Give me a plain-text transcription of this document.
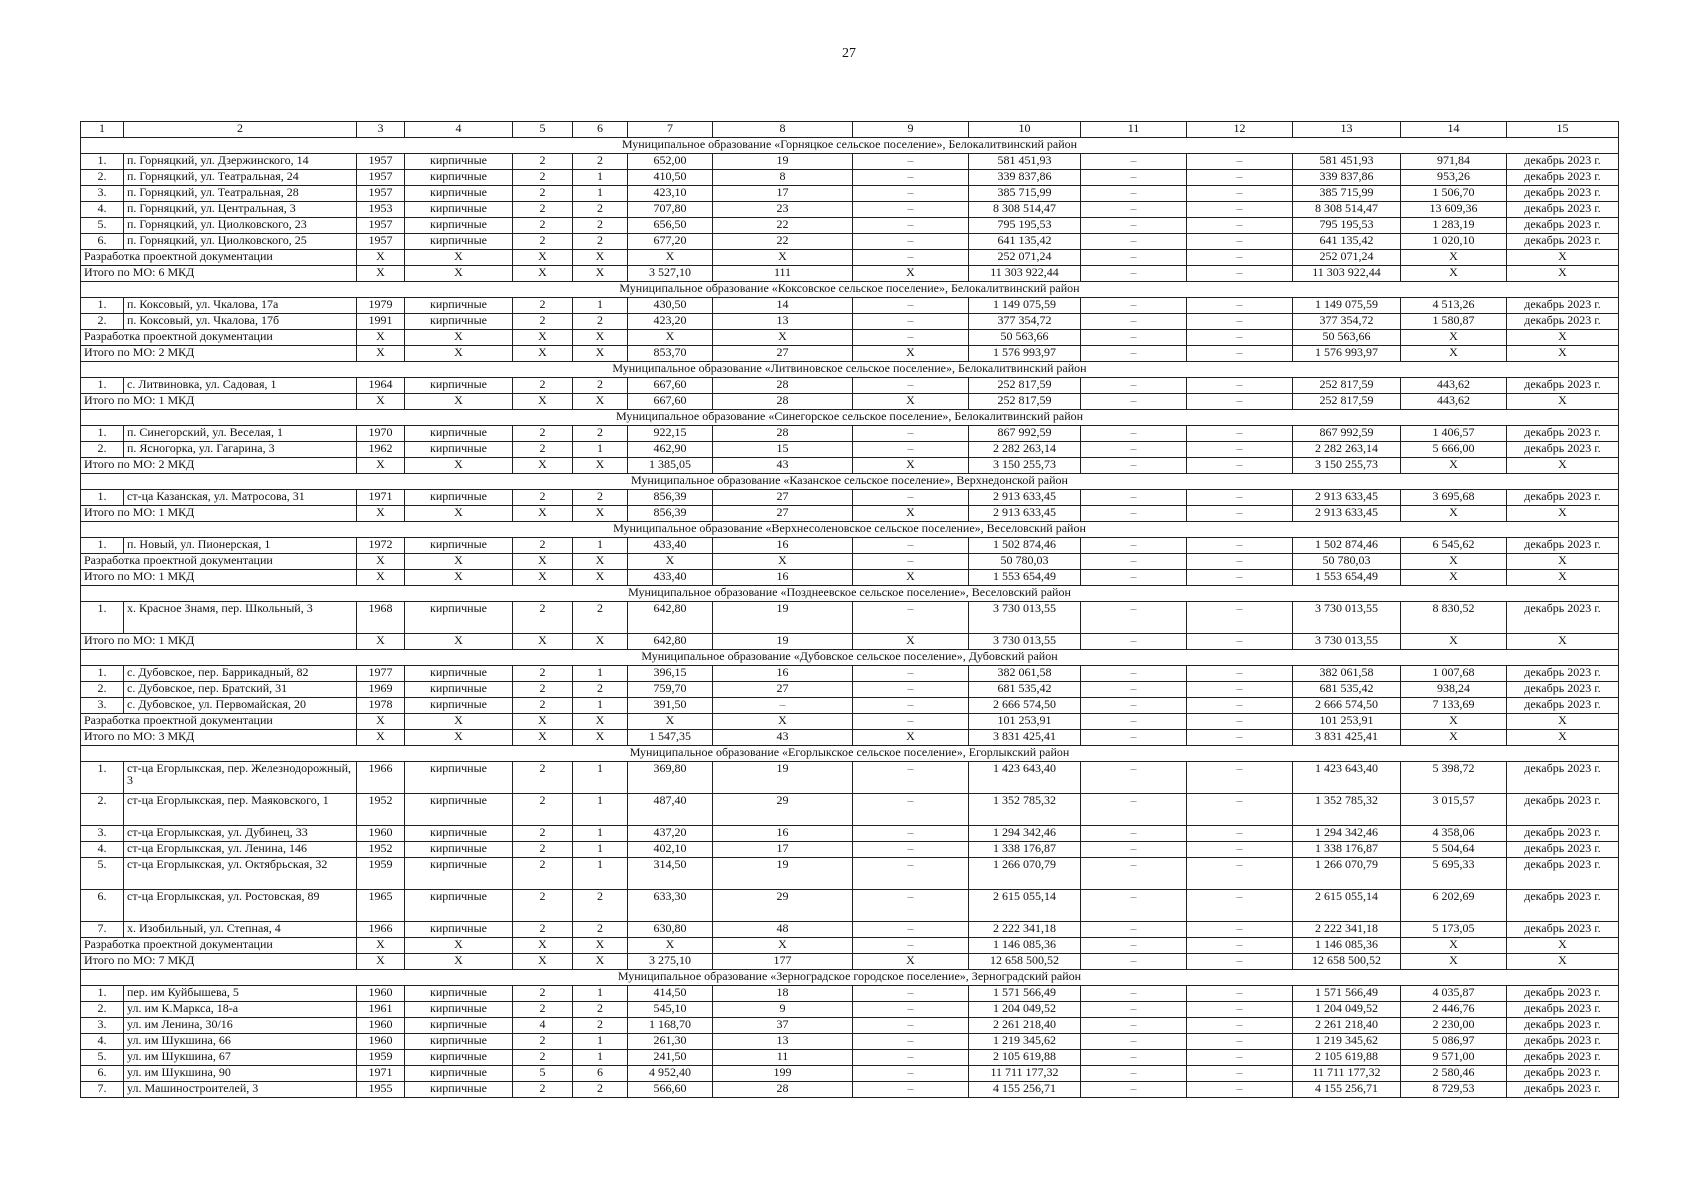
27
1	2	3	4	5	6	7	8	9	10	11	12	13	14	15
Муниципальное образование «Горняцкое сельское поселение», Белокалитвинский район														
1.	п. Горняцкий, ул. Дзержинского, 14	1957	кирпичные	2	2	652,00	19	–	581 451,93	–	–	581 451,93	971,84	декабрь 2023 г.
2.	п. Горняцкий, ул. Театральная, 24	1957	кирпичные	2	1	410,50	8	–	339 837,86	–	–	339 837,86	953,26	декабрь 2023 г.
3.	п. Горняцкий, ул. Театральная, 28	1957	кирпичные	2	1	423,10	17	–	385 715,99	–	–	385 715,99	1 506,70	декабрь 2023 г.
4.	п. Горняцкий, ул. Центральная, 3	1953	кирпичные	2	2	707,80	23	–	8 308 514,47	–	–	8 308 514,47	13 609,36	декабрь 2023 г.
5.	п. Горняцкий, ул. Циолковского, 23	1957	кирпичные	2	2	656,50	22	–	795 195,53	–	–	795 195,53	1 283,19	декабрь 2023 г.
6.	п. Горняцкий, ул. Циолковского, 25	1957	кирпичные	2	2	677,20	22	–	641 135,42	–	–	641 135,42	1 020,10	декабрь 2023 г.
Разработка проектной документации		X	X	X	X	X	X	–	252 071,24	–	–	252 071,24	X	X
Итого по МО: 6 МКД		X	X	X	X	3 527,10	111	X	11 303 922,44	–	–	11 303 922,44	X	X
Муниципальное образование «Коксовское сельское поселение», Белокалитвинский район														
1.	п. Коксовый, ул. Чкалова, 17а	1979	кирпичные	2	1	430,50	14	–	1 149 075,59	–	–	1 149 075,59	4 513,26	декабрь 2023 г.
2.	п. Коксовый, ул. Чкалова, 17б	1991	кирпичные	2	2	423,20	13	–	377 354,72	–	–	377 354,72	1 580,87	декабрь 2023 г.
Разработка проектной документации		X	X	X	X	X	X	–	50 563,66	–	–	50 563,66	X	X
Итого по МО: 2 МКД		X	X	X	X	853,70	27	X	1 576 993,97	–	–	1 576 993,97	X	X
Муниципальное образование «Литвиновское сельское поселение», Белокалитвинский район														
1.	с. Литвиновка, ул. Садовая, 1	1964	кирпичные	2	2	667,60	28	–	252 817,59	–	–	252 817,59	443,62	декабрь 2023 г.
Итого по МО: 1 МКД		X	X	X	X	667,60	28	X	252 817,59	–	–	252 817,59	443,62	X
Муниципальное образование «Синегорское сельское поселение», Белокалитвинский район														
1.	п. Синегорский, ул. Веселая, 1	1970	кирпичные	2	2	922,15	28	–	867 992,59	–	–	867 992,59	1 406,57	декабрь 2023 г.
2.	п. Ясногорка, ул. Гагарина, 3	1962	кирпичные	2	1	462,90	15	–	2 282 263,14	–	–	2 282 263,14	5 666,00	декабрь 2023 г.
Итого по МО: 2 МКД		X	X	X	X	1 385,05	43	X	3 150 255,73	–	–	3 150 255,73	X	X
Муниципальное образование «Казанское сельское поселение», Верхнедонской район														
1.	ст-ца Казанская, ул. Матросова, 31	1971	кирпичные	2	2	856,39	27	–	2 913 633,45	–	–	2 913 633,45	3 695,68	декабрь 2023 г.
Итого по МО: 1 МКД		X	X	X	X	856,39	27	X	2 913 633,45	–	–	2 913 633,45	X	X
Муниципальное образование «Верхнесоленовское сельское поселение», Веселовский район														
1.	п. Новый, ул. Пионерская, 1	1972	кирпичные	2	1	433,40	16	–	1 502 874,46	–	–	1 502 874,46	6 545,62	декабрь 2023 г.
Разработка проектной документации		X	X	X	X	X	X	–	50 780,03	–	–	50 780,03	X	X
Итого по МО: 1 МКД		X	X	X	X	433,40	16	X	1 553 654,49	–	–	1 553 654,49	X	X
Муниципальное образование «Позднеевское сельское поселение», Веселовский район														
1.	х. Красное Знамя, пер. Школьный, 3	1968	кирпичные	2	2	642,80	19	–	3 730 013,55	–	–	3 730 013,55	8 830,52	декабрь 2023 г.
Итого по МО: 1 МКД		X	X	X	X	642,80	19	X	3 730 013,55	–	–	3 730 013,55	X	X
Муниципальное образование «Дубовское сельское поселение», Дубовский район														
1.	с. Дубовское, пер. Баррикадный, 82	1977	кирпичные	2	1	396,15	16	–	382 061,58	–	–	382 061,58	1 007,68	декабрь 2023 г.
2.	с. Дубовское, пер. Братский, 31	1969	кирпичные	2	2	759,70	27	–	681 535,42	–	–	681 535,42	938,24	декабрь 2023 г.
3.	с. Дубовское, ул. Первомайская, 20	1978	кирпичные	2	1	391,50	–	–	2 666 574,50	–	–	2 666 574,50	7 133,69	декабрь 2023 г.
Разработка проектной документации		X	X	X	X	X	X	–	101 253,91	–	–	101 253,91	X	X
Итого по МО: 3 МКД		X	X	X	X	1 547,35	43	X	3 831 425,41	–	–	3 831 425,41	X	X
Муниципальное образование «Егорлыкское сельское поселение», Егорлыкский район														
1.	ст-ца Егорлыкская, пер. Железнодорожный, 3	1966	кирпичные	2	1	369,80	19	–	1 423 643,40	–	–	1 423 643,40	5 398,72	декабрь 2023 г.
2.	ст-ца Егорлыкская, пер. Маяковского, 1	1952	кирпичные	2	1	487,40	29	–	1 352 785,32	–	–	1 352 785,32	3 015,57	декабрь 2023 г.
3.	ст-ца Егорлыкская, ул. Дубинец, 33	1960	кирпичные	2	1	437,20	16	–	1 294 342,46	–	–	1 294 342,46	4 358,06	декабрь 2023 г.
4.	ст-ца Егорлыкская, ул. Ленина, 146	1952	кирпичные	2	1	402,10	17	–	1 338 176,87	–	–	1 338 176,87	5 504,64	декабрь 2023 г.
5.	ст-ца Егорлыкская, ул. Октябрьская, 32	1959	кирпичные	2	1	314,50	19	–	1 266 070,79	–	–	1 266 070,79	5 695,33	декабрь 2023 г.
6.	ст-ца Егорлыкская, ул. Ростовская, 89	1965	кирпичные	2	2	633,30	29	–	2 615 055,14	–	–	2 615 055,14	6 202,69	декабрь 2023 г.
7.	х. Изобильный, ул. Степная, 4	1966	кирпичные	2	2	630,80	48	–	2 222 341,18	–	–	2 222 341,18	5 173,05	декабрь 2023 г.
Разработка проектной документации		X	X	X	X	X	X	–	1 146 085,36	–	–	1 146 085,36	X	X
Итого по МО: 7 МКД		X	X	X	X	3 275,10	177	X	12 658 500,52	–	–	12 658 500,52	X	X
Муниципальное образование «Зерноградское городское поселение», Зерноградский район														
1.	пер. им Куйбышева, 5	1960	кирпичные	2	1	414,50	18	–	1 571 566,49	–	–	1 571 566,49	4 035,87	декабрь 2023 г.
2.	ул. им К.Маркса, 18-а	1961	кирпичные	2	2	545,10	9	–	1 204 049,52	–	–	1 204 049,52	2 446,76	декабрь 2023 г.
3.	ул. им Ленина, 30/16	1960	кирпичные	4	2	1 168,70	37	–	2 261 218,40	–	–	2 261 218,40	2 230,00	декабрь 2023 г.
4.	ул. им Шукшина, 66	1960	кирпичные	2	1	261,30	13	–	1 219 345,62	–	–	1 219 345,62	5 086,97	декабрь 2023 г.
5.	ул. им Шукшина, 67	1959	кирпичные	2	1	241,50	11	–	2 105 619,88	–	–	2 105 619,88	9 571,00	декабрь 2023 г.
6.	ул. им Шукшина, 90	1971	кирпичные	5	6	4 952,40	199	–	11 711 177,32	–	–	11 711 177,32	2 580,46	декабрь 2023 г.
7.	ул. Машиностроителей, 3	1955	кирпичные	2	2	566,60	28	–	4 155 256,71	–	–	4 155 256,71	8 729,53	декабрь 2023 г.
